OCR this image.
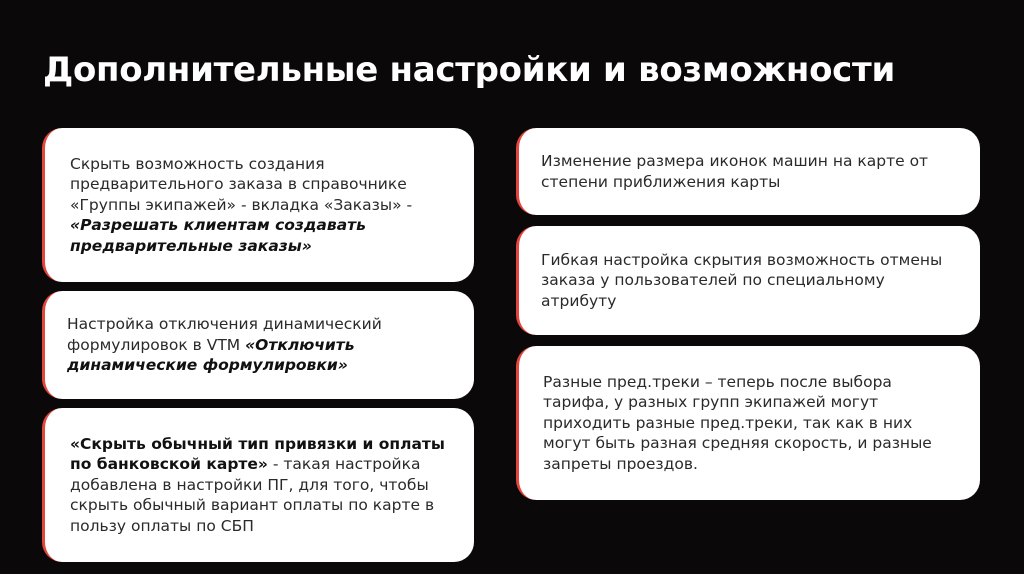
Дополнительные настройки и возможности

Скрыть возможность создания предварительного заказа в справочнике «Группы экипажей» - вкладка «Заказы» - «Разрешать клиентам создавать предварительные заказы»

Настройка отключения динамический формулировок в VTM «Отключить динамические формулировки»

«Скрыть обычный тип привязки и оплаты по банковской карте» - такая настройка добавлена в настройки ПГ, для того, чтобы скрыть обычный вариант оплаты по карте в пользу оплаты по СБП

Изменение размера иконок машин на карте от степени приближения карты

Гибкая настройка скрытия возможность отмены заказа у пользователей по специальному атрибуту

Разные пред.треки – теперь после выбора тарифа, у разных групп экипажей могут приходить разные пред.треки, так как в них могут быть разная средняя скорость, и разные запреты проездов.
